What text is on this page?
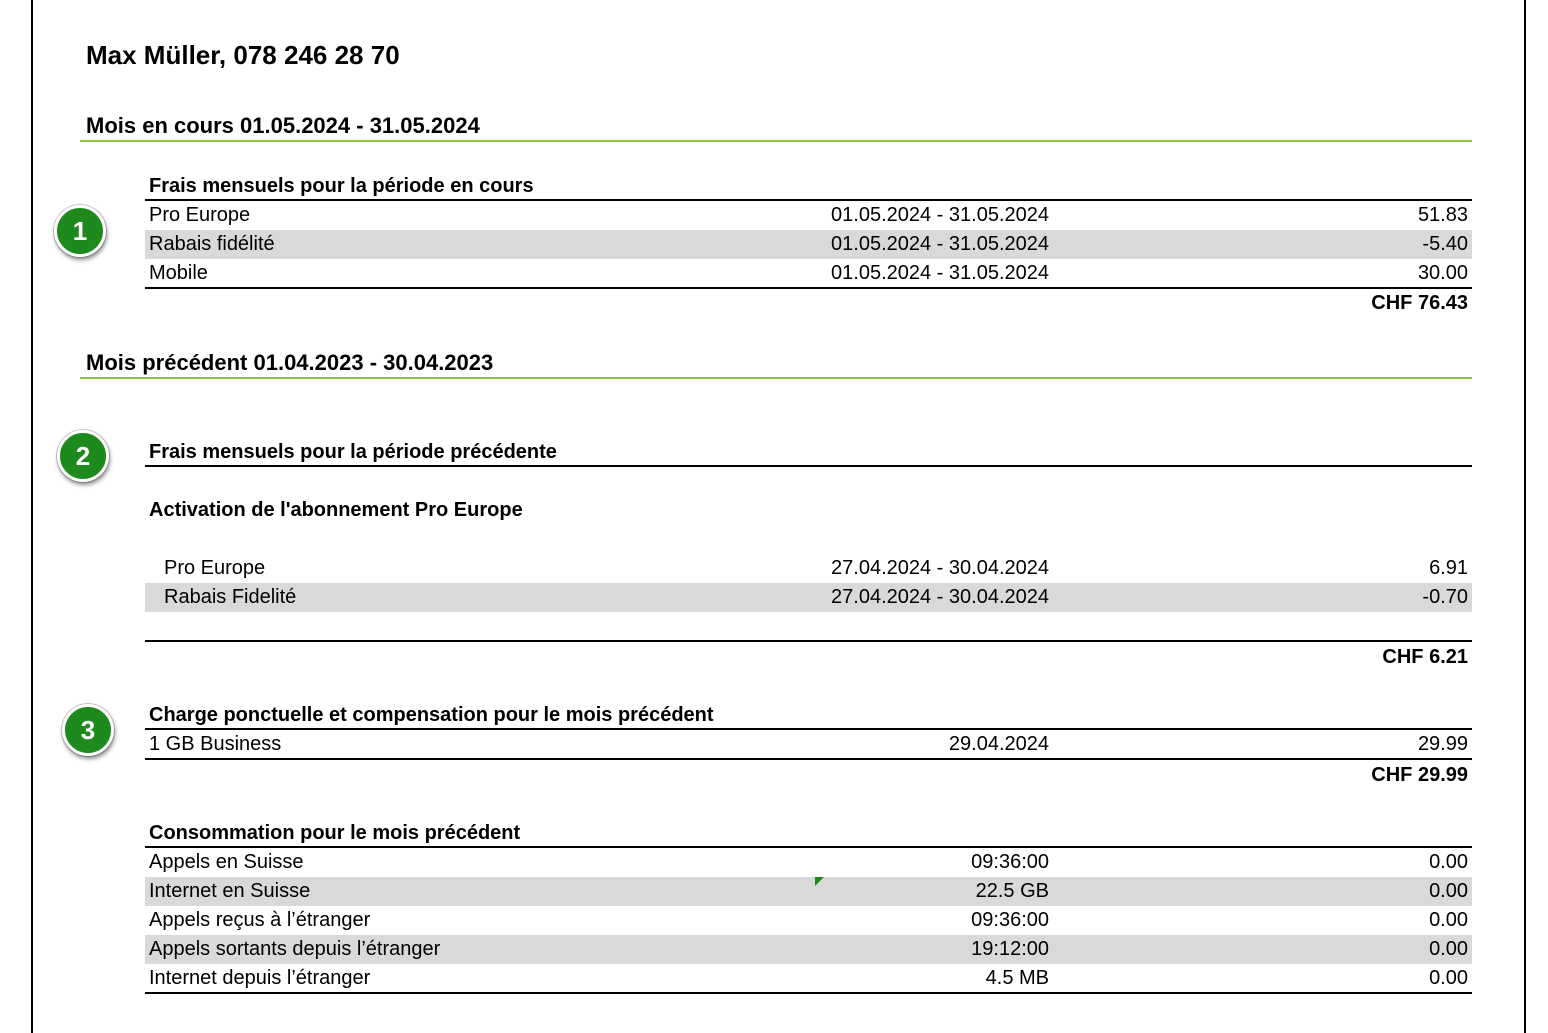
Max Müller, 078 246 28 70
Mois en cours 01.05.2024 - 31.05.2024
1
Frais mensuels pour la période en cours
Pro Europe	01.05.2024 - 31.05.2024	51.83
Rabais fidélité	01.05.2024 - 31.05.2024	-5.40
Mobile	01.05.2024 - 31.05.2024	30.00
CHF 76.43
Mois précédent 01.04.2023 - 30.04.2023
2	Frais mensuels pour la période précédente
Activation de l'abonnement Pro Europe
Pro Europe	27.04.2024 - 30.04.2024	6.91
Rabais Fidelité	27.04.2024 - 30.04.2024	-0.70
CHF 6.21
3	Charge ponctuelle et compensation pour le mois précédent
1 GB Business	29.04.2024	29.99
CHF 29.99
Consommation pour le mois précédent
Appels en Suisse	09:36:00	0.00
Internet en Suisse	22.5 GB	0.00
Appels reçus à l’étranger	09:36:00	0.00
Appels sortants depuis l’étranger	19:12:00	0.00
Internet depuis l’étranger	4.5 MB	0.00
